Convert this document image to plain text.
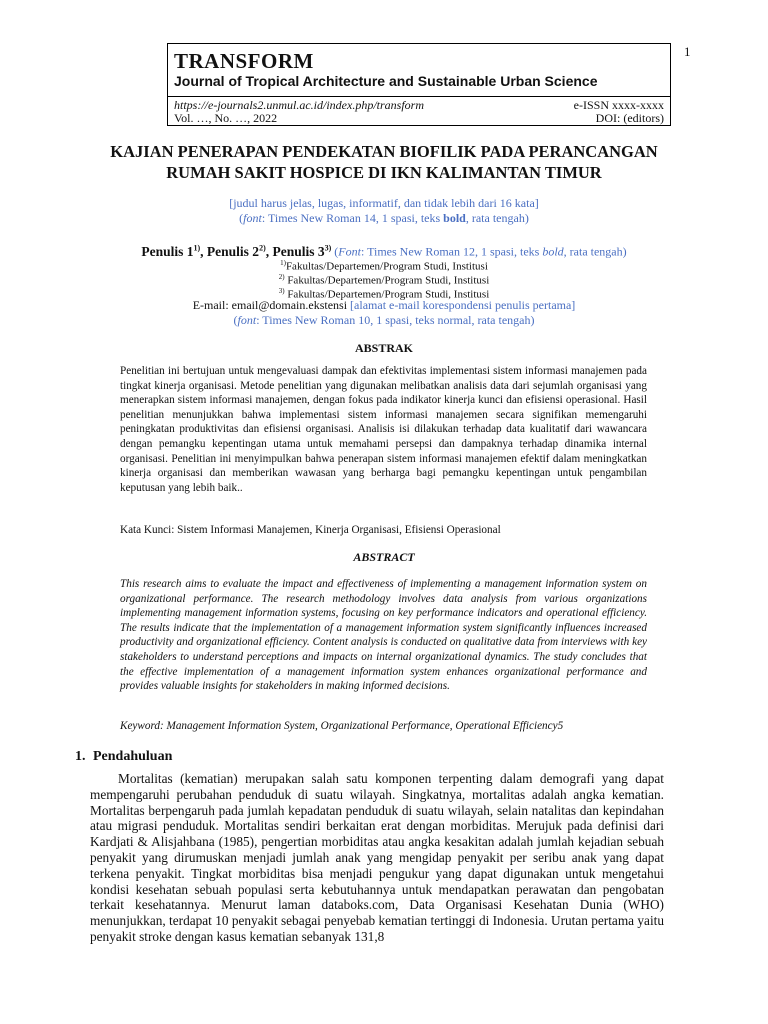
1
TRANSFORM
Journal of Tropical Architecture and Sustainable Urban Science
https://e-journals2.unmul.ac.id/index.php/transform
Vol. …, No. …, 2022
e-ISSN xxxx-xxxx
DOI: (editors)
KAJIAN PENERAPAN PENDEKATAN BIOFILIK PADA PERANCANGAN
RUMAH SAKIT HOSPICE DI IKN KALIMANTAN TIMUR
[judul harus jelas, lugas, informatif, dan tidak lebih dari 16 kata]
(font: Times New Roman 14, 1 spasi, teks bold, rata tengah)
Penulis 1$^{1)}$, Penulis 2$^{2)}$, Penulis 3$^{3)}$ (Font: Times New Roman 12, 1 spasi, teks bold, rata tengah)
$^{1)}$Fakultas/Departemen/Program Studi, Institusi
$^{2)}$ Fakultas/Departemen/Program Studi, Institusi
$^{3)}$ Fakultas/Departemen/Program Studi, Institusi
E-mail: email@domain.ekstensi [alamat e-mail korespondensi penulis pertama]
(font: Times New Roman 10, 1 spasi, teks normal, rata tengah)
ABSTRAK
Penelitian ini bertujuan untuk mengevaluasi dampak dan efektivitas implementasi sistem informasi manajemen pada tingkat kinerja organisasi. Metode penelitian yang digunakan melibatkan analisis data dari sejumlah organisasi yang menerapkan sistem informasi manajemen, dengan fokus pada indikator kinerja kunci dan efisiensi operasional. Hasil penelitian menunjukkan bahwa implementasi sistem informasi manajemen secara signifikan memengaruhi peningkatan produktivitas dan efisiensi organisasi. Analisis isi dilakukan terhadap data kualitatif dari wawancara dengan pemangku kepentingan utama untuk memahami persepsi dan dampaknya terhadap dinamika internal organisasi. Penelitian ini menyimpulkan bahwa penerapan sistem informasi manajemen efektif dalam meningkatkan kinerja organisasi dan memberikan wawasan yang berharga bagi pemangku kepentingan untuk pengambilan keputusan yang lebih baik..
Kata Kunci: Sistem Informasi Manajemen, Kinerja Organisasi, Efisiensi Operasional
ABSTRACT
This research aims to evaluate the impact and effectiveness of implementing a management information system on organizational performance. The research methodology involves data analysis from various organizations implementing management information systems, focusing on key performance indicators and operational efficiency. The results indicate that the implementation of a management information system significantly influences increased productivity and organizational efficiency. Content analysis is conducted on qualitative data from interviews with key stakeholders to understand perceptions and impacts on internal organizational dynamics. The study concludes that the effective implementation of a management information system enhances organizational performance and provides valuable insights for stakeholders in making informed decisions.
Keyword: Management Information System, Organizational Performance, Operational Efficiency5
1. Pendahuluan
Mortalitas (kematian) merupakan salah satu komponen terpenting dalam demografi yang dapat mempengaruhi perubahan penduduk di suatu wilayah. Singkatnya, mortalitas adalah angka kematian. Mortalitas berpengaruh pada jumlah kepadatan penduduk di suatu wilayah, selain natalitas dan kepindahan atau migrasi penduduk. Mortalitas sendiri berkaitan erat dengan morbiditas. Merujuk pada definisi dari Kardjati & Alisjahbana (1985), pengertian morbiditas atau angka kesakitan adalah jumlah kejadian sebuah penyakit yang dirumuskan menjadi jumlah anak yang mengidap penyakit per seribu anak yang dapat terkena penyakit. Tingkat morbiditas bisa menjadi pengukur yang dapat digunakan untuk mengetahui kondisi kesehatan sebuah populasi serta kebutuhannya untuk mendapatkan perawatan dan pengobatan terkait kesehatannya. Menurut laman databoks.com, Data Organisasi Kesehatan Dunia (WHO) menunjukkan, terdapat 10 penyakit sebagai penyebab kematian tertinggi di Indonesia. Urutan pertama yaitu penyakit stroke dengan kasus kematian sebanyak 131,8
